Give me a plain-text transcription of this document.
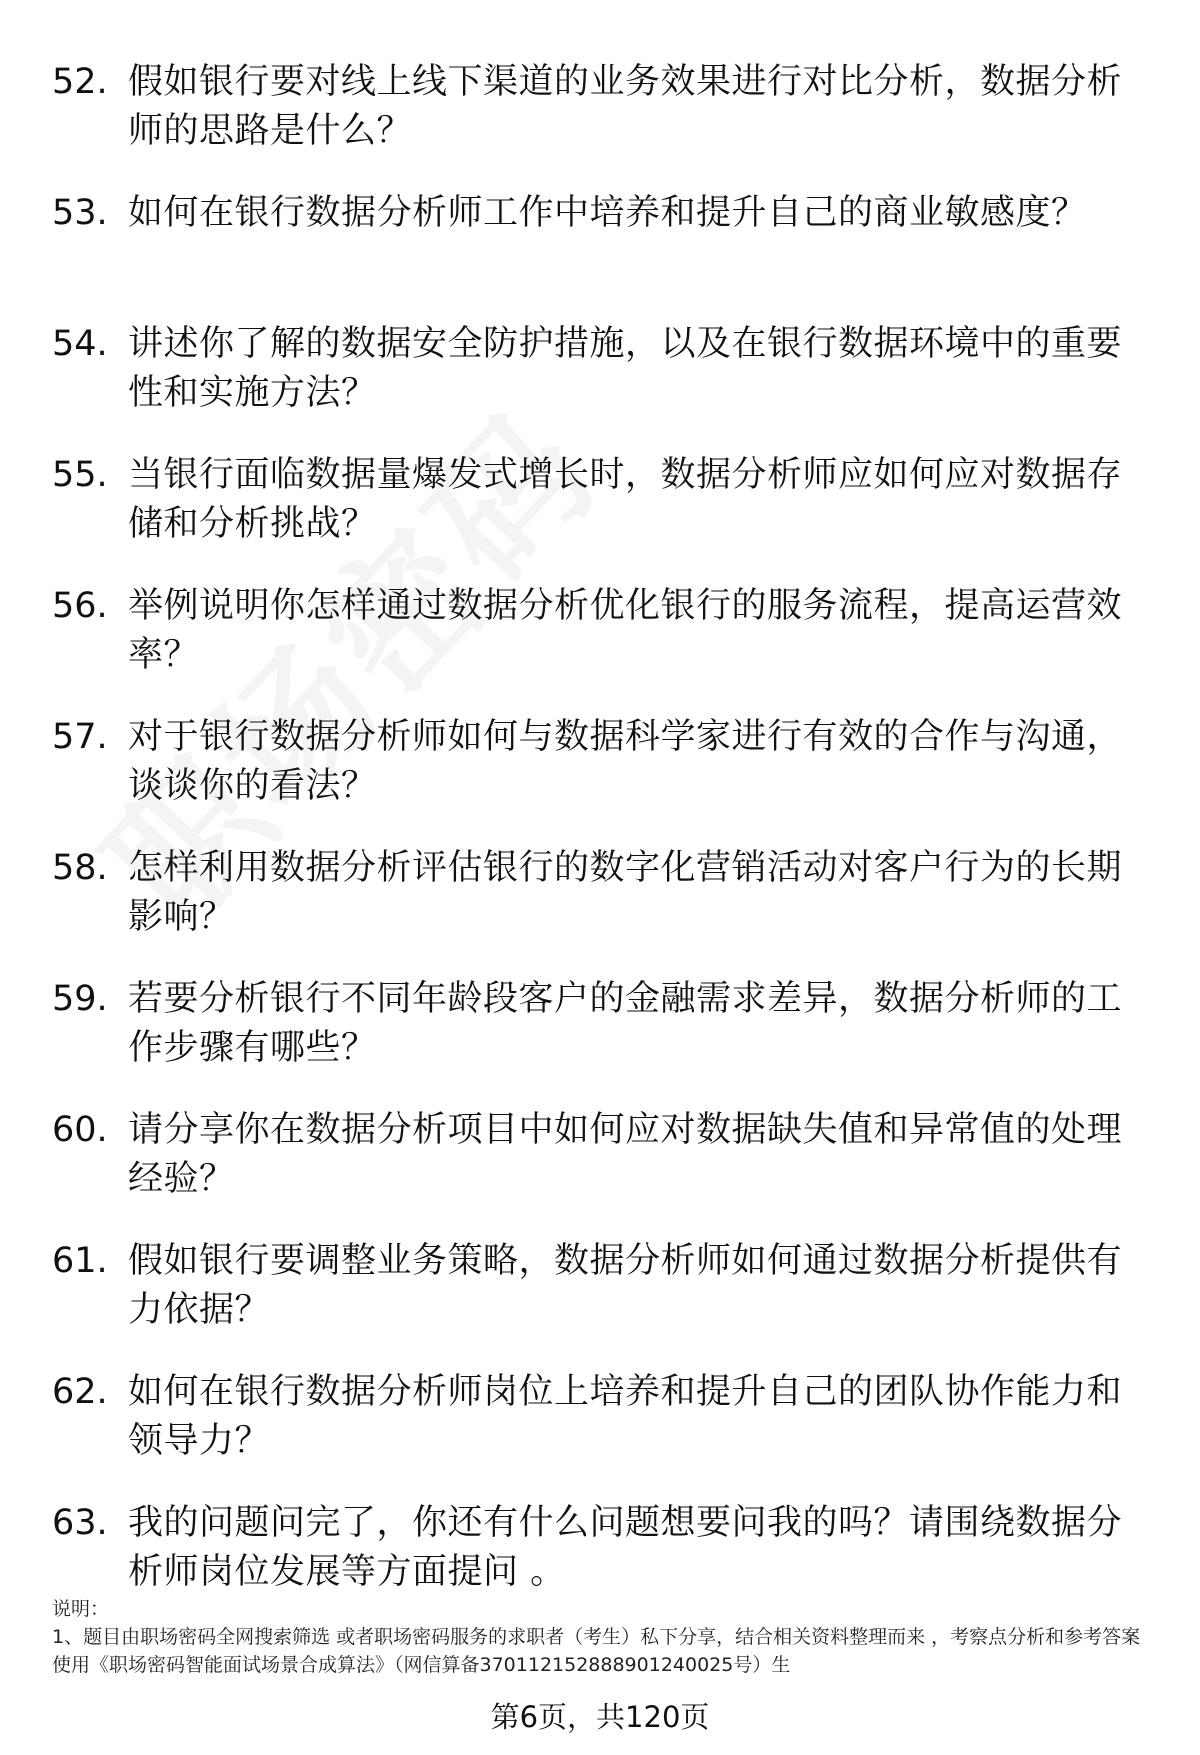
52. 假如银行要对线上线下渠道的业务效果进行对比分析，数据分析师的思路是什么？
53. 如何在银行数据分析师工作中培养和提升自己的商业敏感度？
54. 讲述你了解的数据安全防护措施，以及在银行数据环境中的重要性和实施方法？
55. 当银行面临数据量爆发式增长时，数据分析师应如何应对数据存储和分析挑战？
56. 举例说明你怎样通过数据分析优化银行的服务流程，提高运营效率？
57. 对于银行数据分析师如何与数据科学家进行有效的合作与沟通，谈谈你的看法？
58. 怎样利用数据分析评估银行的数字化营销活动对客户行为的长期影响？
59. 若要分析银行不同年龄段客户的金融需求差异，数据分析师的工作步骤有哪些？
60. 请分享你在数据分析项目中如何应对数据缺失值和异常值的处理经验？
61. 假如银行要调整业务策略，数据分析师如何通过数据分析提供有力依据？
62. 如何在银行数据分析师岗位上培养和提升自己的团队协作能力和领导力？
63. 我的问题问完了，你还有什么问题想要问我的吗？请围绕数据分析师岗位发展等方面提问 。

说明：

1、题目由职场密码全网搜索筛选 或者职场密码服务的求职者（考生）私下分享，结合相关资料整理而来 ，考察点分析和参考答案使用《职场密码智能面试场景合成算法》（网信算备370112152888901240025号）生

第6页，共120页
